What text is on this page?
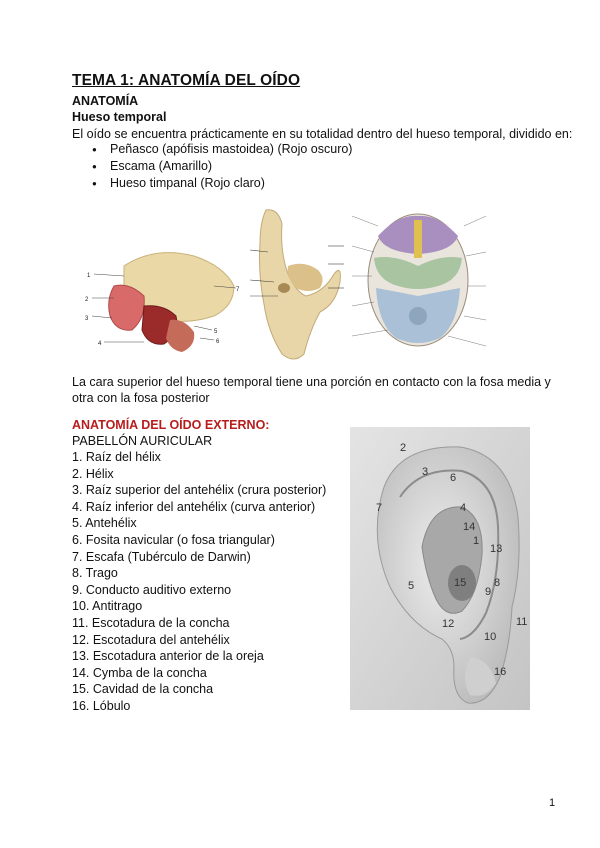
TEMA 1: ANATOMÍA DEL OÍDO
ANATOMÍA
Hueso temporal
El oído se encuentra prácticamente en su totalidad dentro del hueso temporal, dividido en:
● Peñasco (apófisis mastoidea) (Rojo oscuro)
● Escama (Amarillo)
● Hueso timpanal (Rojo claro)
1
2
3
4
5
6
7
La cara superior del hueso temporal tiene una porción en contacto con la fosa media y
otra con la fosa posterior
ANATOMÍA DEL OÍDO EXTERNO:
PABELLÓN AURICULAR
1. Raíz del hélix
2. Hélix
3. Raíz superior del antehélix (crura posterior)
4. Raíz inferior del antehélix (curva anterior)
5. Antehélix
6. Fosita navicular (o fosa triangular)
7. Escafa (Tubérculo de Darwin)
8. Trago
9. Conducto auditivo externo
10. Antitrago
11. Escotadura de la concha
12. Escotadura del antehélix
13. Escotadura anterior de la oreja
14. Cymba de la concha
15. Cavidad de la concha
16. Lóbulo
2
3 6
7	4
14
1
13
5	15	8
9
11
12
10
16
1
